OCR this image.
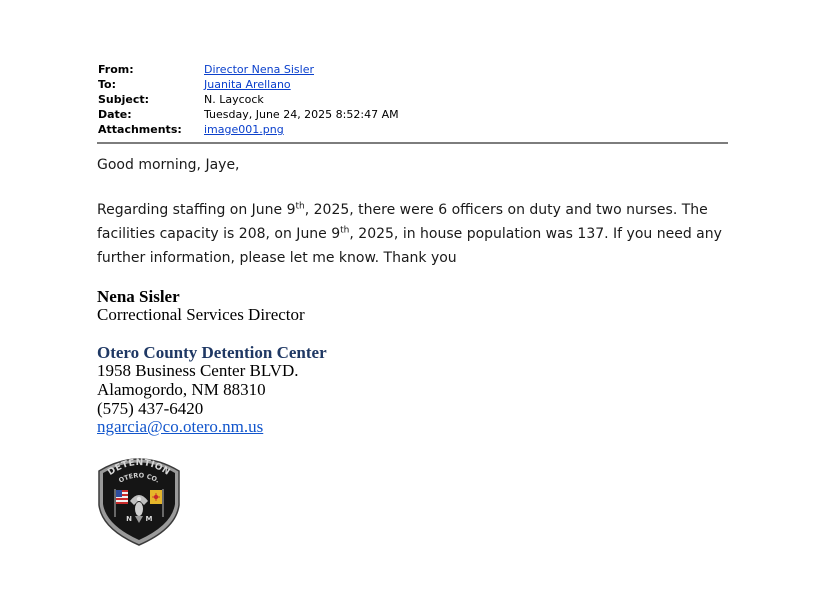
From:	Director Nena Sisler
To:	Juanita Arellano
Subject:	N. Laycock
Date:	Tuesday, June 24, 2025 8:52:47 AM
Attachments: image001.png
Good morning, Jaye,
Regarding staffing on June 9th, 2025, there were 6 officers on duty and two nurses. The facilities capacity is 208, on June 9th, 2025, in house population was 137. If you need any further information, please let me know. Thank you
Nena Sisler
Correctional Services Director
Otero County Detention Center
1958 Business Center BLVD.
Alamogordo, NM 88310
(575) 437-6420
ngarcia@co.otero.nm.us
DETENTION
OTERO CO.
N M
